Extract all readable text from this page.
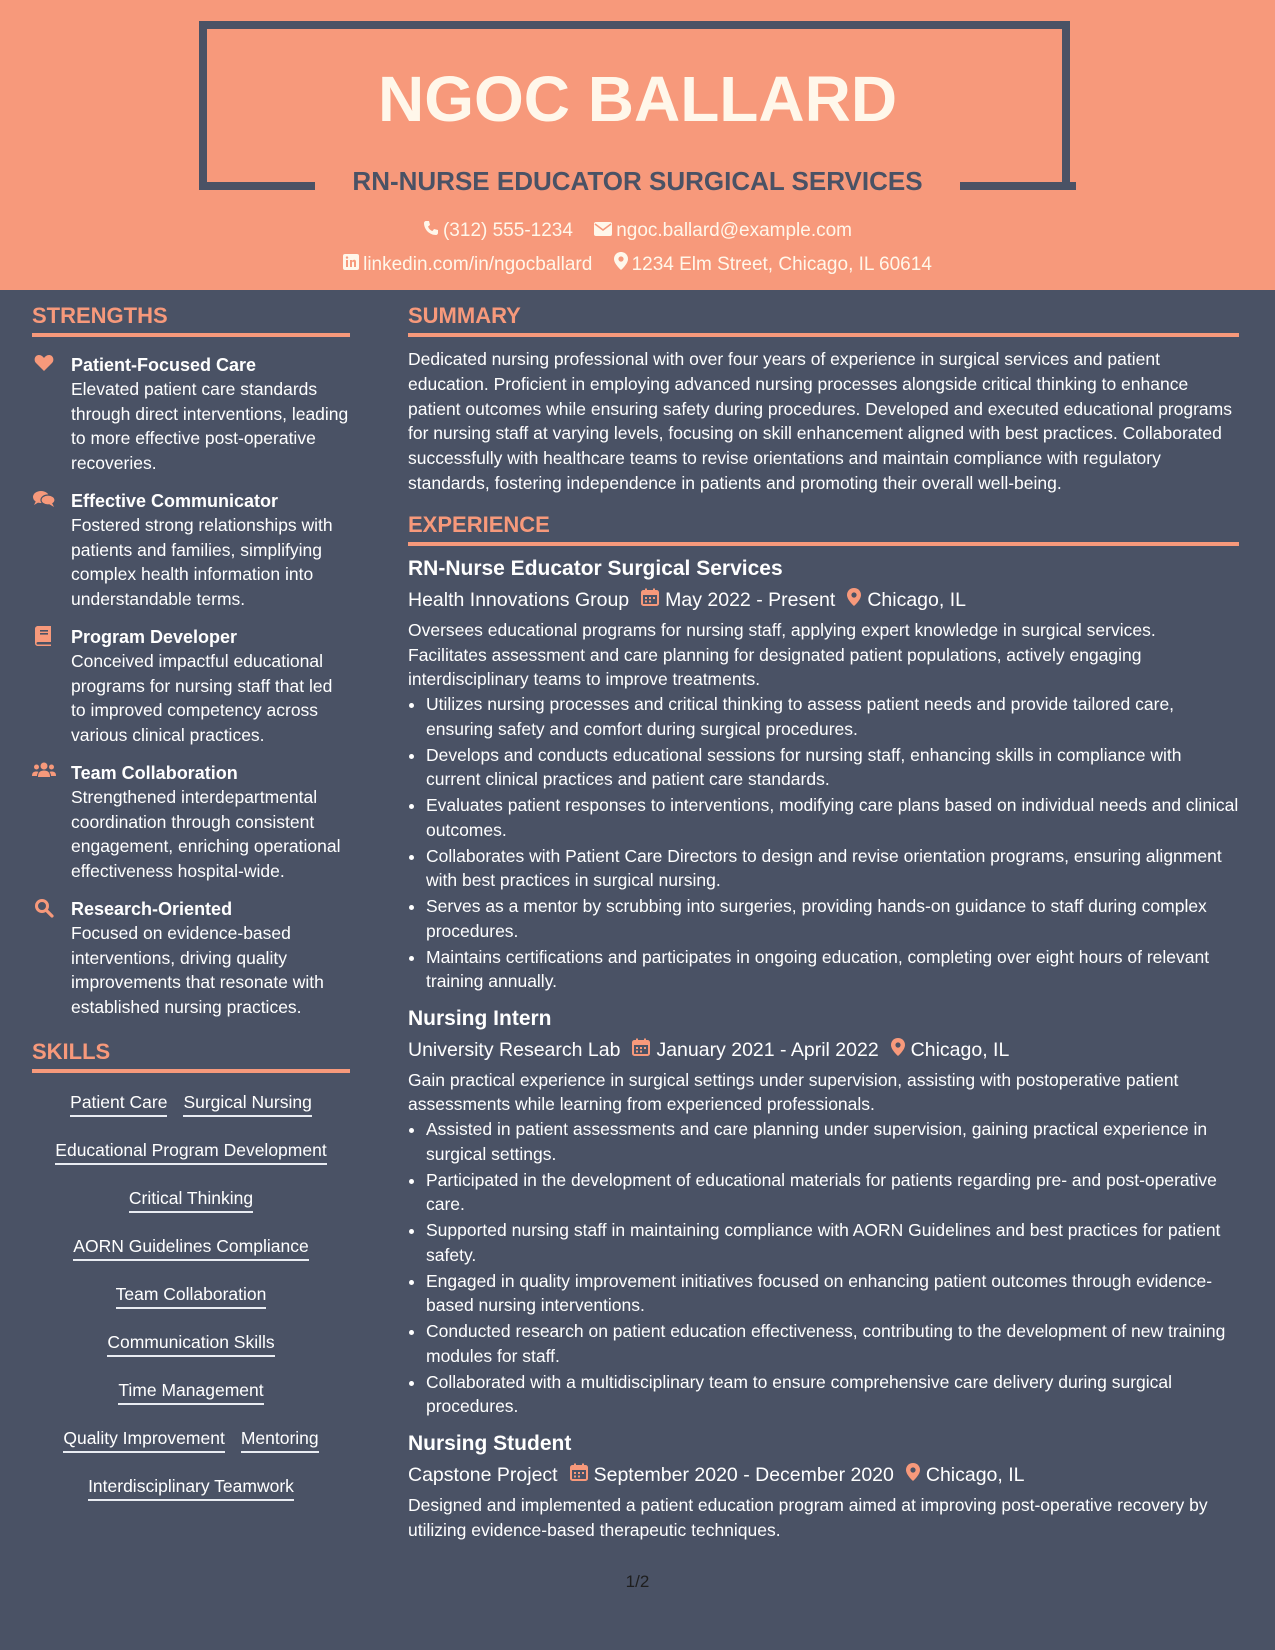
NGOC BALLARD
RN-NURSE EDUCATOR SURGICAL SERVICES
(312) 555-1234 ngoc.ballard@example.com
linkedin.com/in/ngocballard 1234 Elm Street, Chicago, IL 60614
STRENGTHS
Patient-Focused Care
Elevated patient care standards through direct interventions, leading to more effective post-operative recoveries.
Effective Communicator
Fostered strong relationships with patients and families, simplifying complex health information into understandable terms.
Program Developer
Conceived impactful educational programs for nursing staff that led to improved competency across various clinical practices.
Team Collaboration
Strengthened interdepartmental coordination through consistent engagement, enriching operational effectiveness hospital-wide.
Research-Oriented
Focused on evidence-based interventions, driving quality improvements that resonate with established nursing practices.
SKILLS
Patient Care Surgical Nursing
Educational Program Development
Critical Thinking
AORN Guidelines Compliance
Team Collaboration
Communication Skills
Time Management
Quality Improvement Mentoring
Interdisciplinary Teamwork
SUMMARY
Dedicated nursing professional with over four years of experience in surgical services and patient education. Proficient in employing advanced nursing processes alongside critical thinking to enhance patient outcomes while ensuring safety during procedures. Developed and executed educational programs for nursing staff at varying levels, focusing on skill enhancement aligned with best practices. Collaborated successfully with healthcare teams to revise orientations and maintain compliance with regulatory standards, fostering independence in patients and promoting their overall well-being.
EXPERIENCE
RN-Nurse Educator Surgical Services
Health Innovations Group May 2022 - Present Chicago, IL
Oversees educational programs for nursing staff, applying expert knowledge in surgical services. Facilitates assessment and care planning for designated patient populations, actively engaging interdisciplinary teams to improve treatments.
• Utilizes nursing processes and critical thinking to assess patient needs and provide tailored care, ensuring safety and comfort during surgical procedures.
• Develops and conducts educational sessions for nursing staff, enhancing skills in compliance with current clinical practices and patient care standards.
• Evaluates patient responses to interventions, modifying care plans based on individual needs and clinical outcomes.
• Collaborates with Patient Care Directors to design and revise orientation programs, ensuring alignment with best practices in surgical nursing.
• Serves as a mentor by scrubbing into surgeries, providing hands-on guidance to staff during complex procedures.
• Maintains certifications and participates in ongoing education, completing over eight hours of relevant training annually.
Nursing Intern
University Research Lab January 2021 - April 2022 Chicago, IL
Gain practical experience in surgical settings under supervision, assisting with postoperative patient assessments while learning from experienced professionals.
• Assisted in patient assessments and care planning under supervision, gaining practical experience in surgical settings.
• Participated in the development of educational materials for patients regarding pre- and post-operative care.
• Supported nursing staff in maintaining compliance with AORN Guidelines and best practices for patient safety.
• Engaged in quality improvement initiatives focused on enhancing patient outcomes through evidence-based nursing interventions.
• Conducted research on patient education effectiveness, contributing to the development of new training modules for staff.
• Collaborated with a multidisciplinary team to ensure comprehensive care delivery during surgical procedures.
Nursing Student
Capstone Project September 2020 - December 2020 Chicago, IL
Designed and implemented a patient education program aimed at improving post-operative recovery by utilizing evidence-based therapeutic techniques.
1/2
